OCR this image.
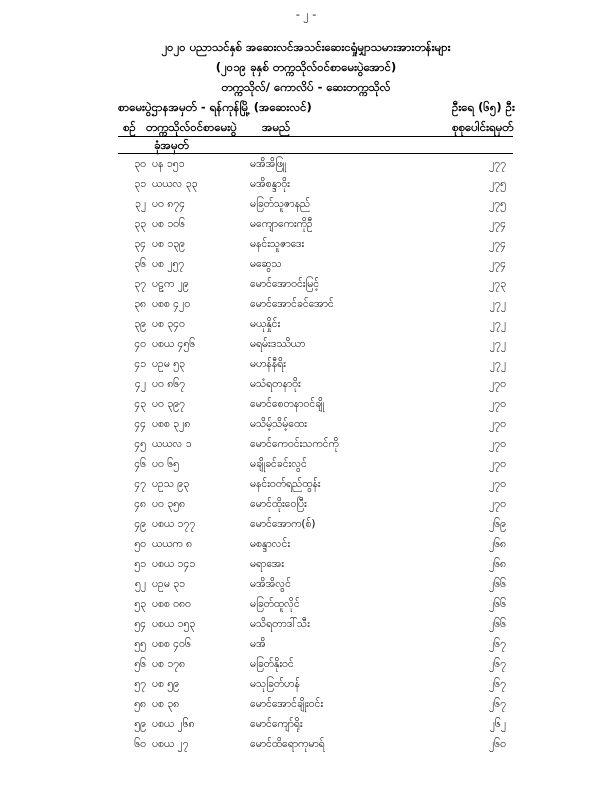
- ၂ -
၂၀၂၀ ပညာသင်နှစ် အဆေးလင်အသင်းဆေးငရှုံမျှာသမားအားတန်းများ
(၂၀၁၉ ခုနှစ် တက္ကသိုလ်ဝင်စာမေးပွဲအောင်)
တက္ကသိုလ်/ ကောလိပ် - ဆေးတက္ကသိုလ်
စာမေးပွဲဌာနအမှတ် - ရန်ကုန်မြို့ (အဆေးလင်)	ဦးရေ (၆၅) ဦး
စဉ် တက္ကသိုလ်ဝင်စာမေးပွဲ
ခုံအမှတ်
အမည်	စုစုပေါင်းရမှတ်
၃၀ ပန ၁၅၁	မအိအိဖြူ	၂၇၇
၃၁ ယယလ ၃၃	မအိစန္ဒာဝိုး	၂၇၅
၃၂ ပဝ ၈၇၄	မခြတ်သူဇာနည်	၂၇၅
၃၃ ပစ ၁၀၆	မကျောကေးကိုဦ	၂၇၄
၃၄ ပစ ၁၃၉	မနင်းသူဇာဒေး	၂၇၄
၃၆ ပစ ၂၅၇	မဆွေသ	၂၇၄
၃၇ ပဠက ၂၉	မောင်အောဝင်းမြင့်	၂၇၃
၃၈ ပစစ ၄၂၀	မောင်အောင်ခင်အောင်	၂၇၂
၃၉ ပစ ၃၄၀	မယုနှိုင်း	၂၇၂
၄၀ ပစယ ၄၅၆	မရမ်းဒဿိယာ	၂၇၂
၄၁ ပဥမ ၅၃	မဟန်နီရိး	၂၇၂
၄၂ ပဝ ၈၆၇	မသံရတနာဝိုး	၂၇၀
၄၃ ပဝ ၃၉၇	မောင်စေတနာဝင်ချို	၂၇၀
၄၄ ပစစ ၃၂၈	မသိမ့်သိမ့်ထေး	၂၇၀
၄၅ ယယလ ၁	မောင်ကေဝင်းသကင်ကို	၂၇၀
၄၆ ပဝ ၆၅	မချိုခင်ခင်းလွင်	၂၇၀
၄၇ ပဥသ ၉၃	မနင်းဝတ်ရည်ထွန်း	၂၇၀
၄၈ ပဝ ၃၅၈	မောင်ထိုးဝေပြီး	၂၇၀
၄၉ ပစယ ၁၇၇	မောင်အောက(စ်)	၂၆၉
၅၀ ယယက ၈	မစန္ဒာလင်း	၂၆၈
၅၁ ပစယ ၁၄၁	မရာအေး	၂၆၈
၅၂ ပဥမ ၃၁	မအိအိလွင်	၂၆၆
၅၃ ပစစ ၀၈၀	မခြတ်ထူလိုင်	၂၆၆
၅၄ ပစယ ၁၅၃	မသိရတာဒါ်သီး	၂၆၆
၅၅ ပစစ ၄၀၆	မအိ	၂၆၇
၅၆ ပစ ၁၇၈	မခြတ်နိုးဝင်	၂၆၇
၅၇ ပစ ၅၉	မသုခြတ်ဟန်	၂၆၇
၅၈ ပစ ၃၈	မောင်အောင်ချိုးဝင်း	၂၆၇
၅၉ ပစယ ၂၆၈	မောင်ကျော်ရိုး	၂၆၂
၆၀ ပစယ ၂၇	မောင်ထိရောကုမာရ်	၂၆၀
